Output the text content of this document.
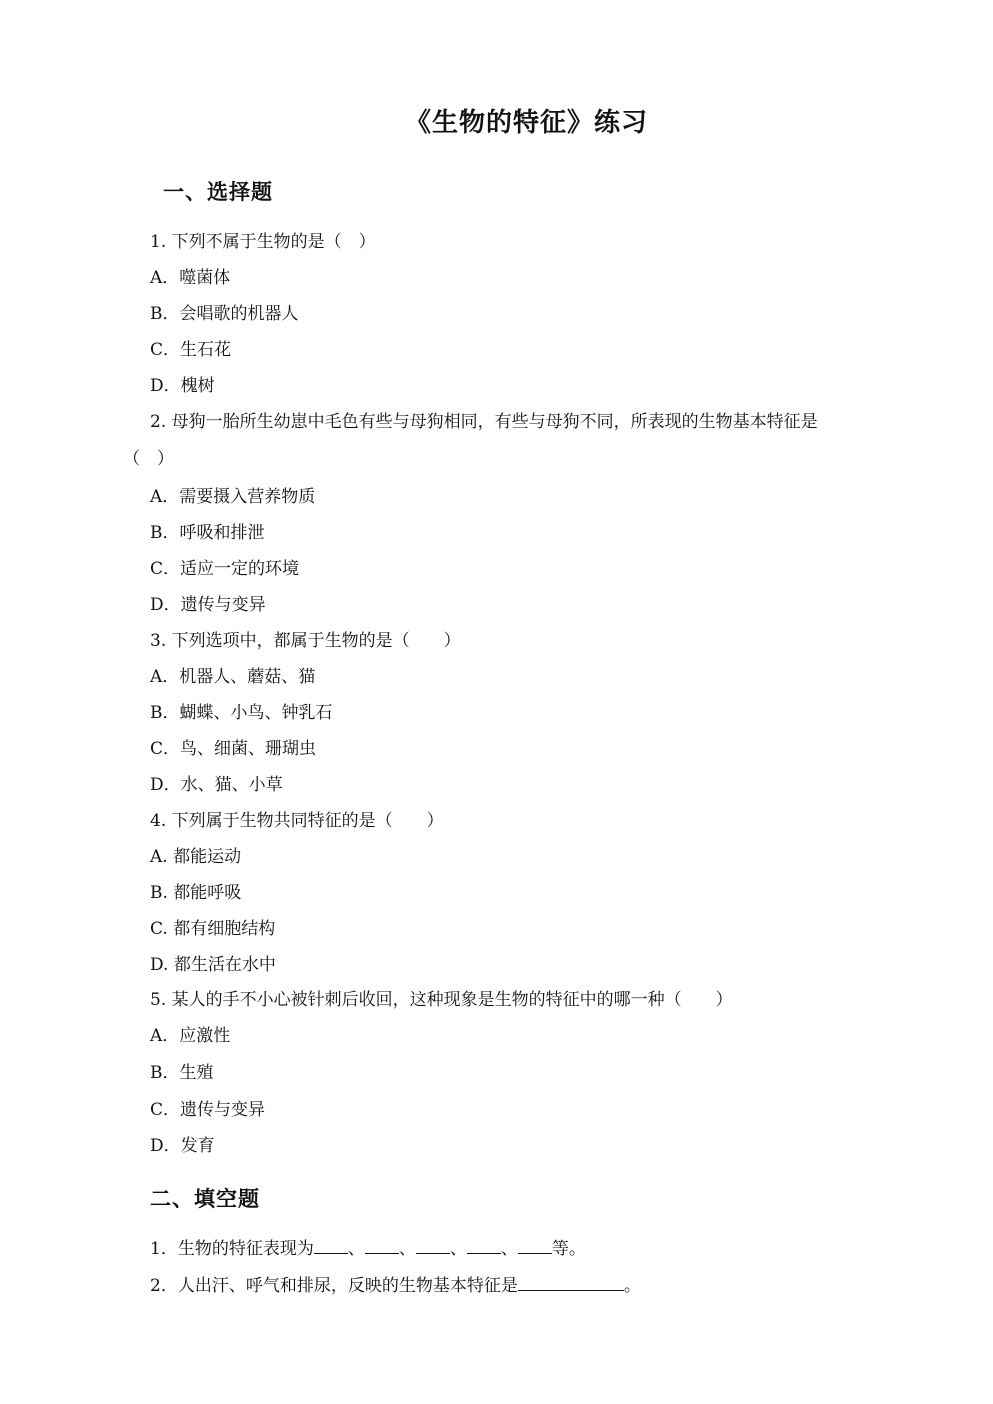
《生物的特征》练习
一、选择题
1. 下列不属于生物的是（　）
A．噬菌体
B．会唱歌的机器人
C．生石花
D．槐树
2. 母狗一胎所生幼崽中毛色有些与母狗相同，有些与母狗不同，所表现的生物基本特征是
（　）
A．需要摄入营养物质
B．呼吸和排泄
C．适应一定的环境
D．遗传与变异
3. 下列选项中，都属于生物的是（　　）
A．机器人、蘑菇、猫
B．蝴蝶、小鸟、钟乳石
C．鸟、细菌、珊瑚虫
D．水、猫、小草
4. 下列属于生物共同特征的是（　　）
A. 都能运动
B. 都能呼吸
C. 都有细胞结构
D. 都生活在水中
5. 某人的手不小心被针刺后收回，这种现象是生物的特征中的哪一种（　　）
A．应激性
B．生殖
C．遗传与变异
D．发育
二、填空题
1．生物的特征表现为 、 、 、 、 等。
2．人出汗、呼气和排尿，反映的生物基本特征是	。
